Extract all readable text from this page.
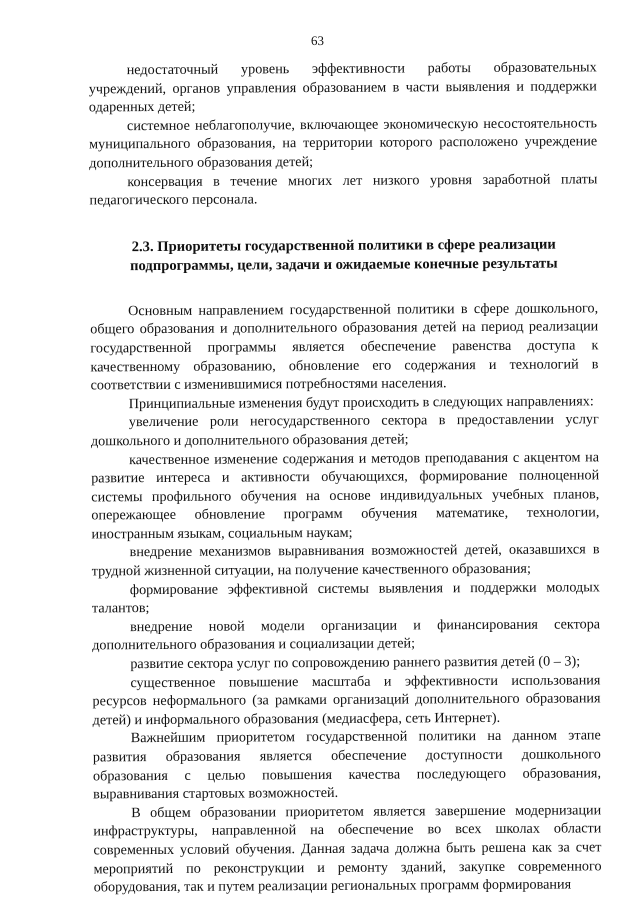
63

недостаточный уровень эффективности работы образовательных учреждений, органов управления образованием в части выявления и поддержки одаренных детей;

системное неблагополучие, включающее экономическую несостоятельность муниципального образования, на территории которого расположено учреждение дополнительного образования детей;

консервация в течение многих лет низкого уровня заработной платы педагогического персонала.

2.3. Приоритеты государственной политики в сфере реализации подпрограммы, цели, задачи и ожидаемые конечные результаты

Основным направлением государственной политики в сфере дошкольного, общего образования и дополнительного образования детей на период реализации государственной программы является обеспечение равенства доступа к качественному образованию, обновление его содержания и технологий в соответствии с изменившимися потребностями населения.

Принципиальные изменения будут происходить в следующих направлениях:

увеличение роли негосударственного сектора в предоставлении услуг дошкольного и дополнительного образования детей;

качественное изменение содержания и методов преподавания с акцентом на развитие интереса и активности обучающихся, формирование полноценной системы профильного обучения на основе индивидуальных учебных планов, опережающее обновление программ обучения математике, технологии, иностранным языкам, социальным наукам;

внедрение механизмов выравнивания возможностей детей, оказавшихся в трудной жизненной ситуации, на получение качественного образования;

формирование эффективной системы выявления и поддержки молодых талантов;

внедрение новой модели организации и финансирования сектора дополнительного образования и социализации детей;

развитие сектора услуг по сопровождению раннего развития детей (0 – 3);

существенное повышение масштаба и эффективности использования ресурсов неформального (за рамками организаций дополнительного образования детей) и информального образования (медиасфера, сеть Интернет).

Важнейшим приоритетом государственной политики на данном этапе развития образования является обеспечение доступности дошкольного образования с целью повышения качества последующего образования, выравнивания стартовых возможностей.

В общем образовании приоритетом является завершение модернизации инфраструктуры, направленной на обеспечение во всех школах области современных условий обучения. Данная задача должна быть решена как за счет мероприятий по реконструкции и ремонту зданий, закупке современного оборудования, так и путем реализации региональных программ формирования
